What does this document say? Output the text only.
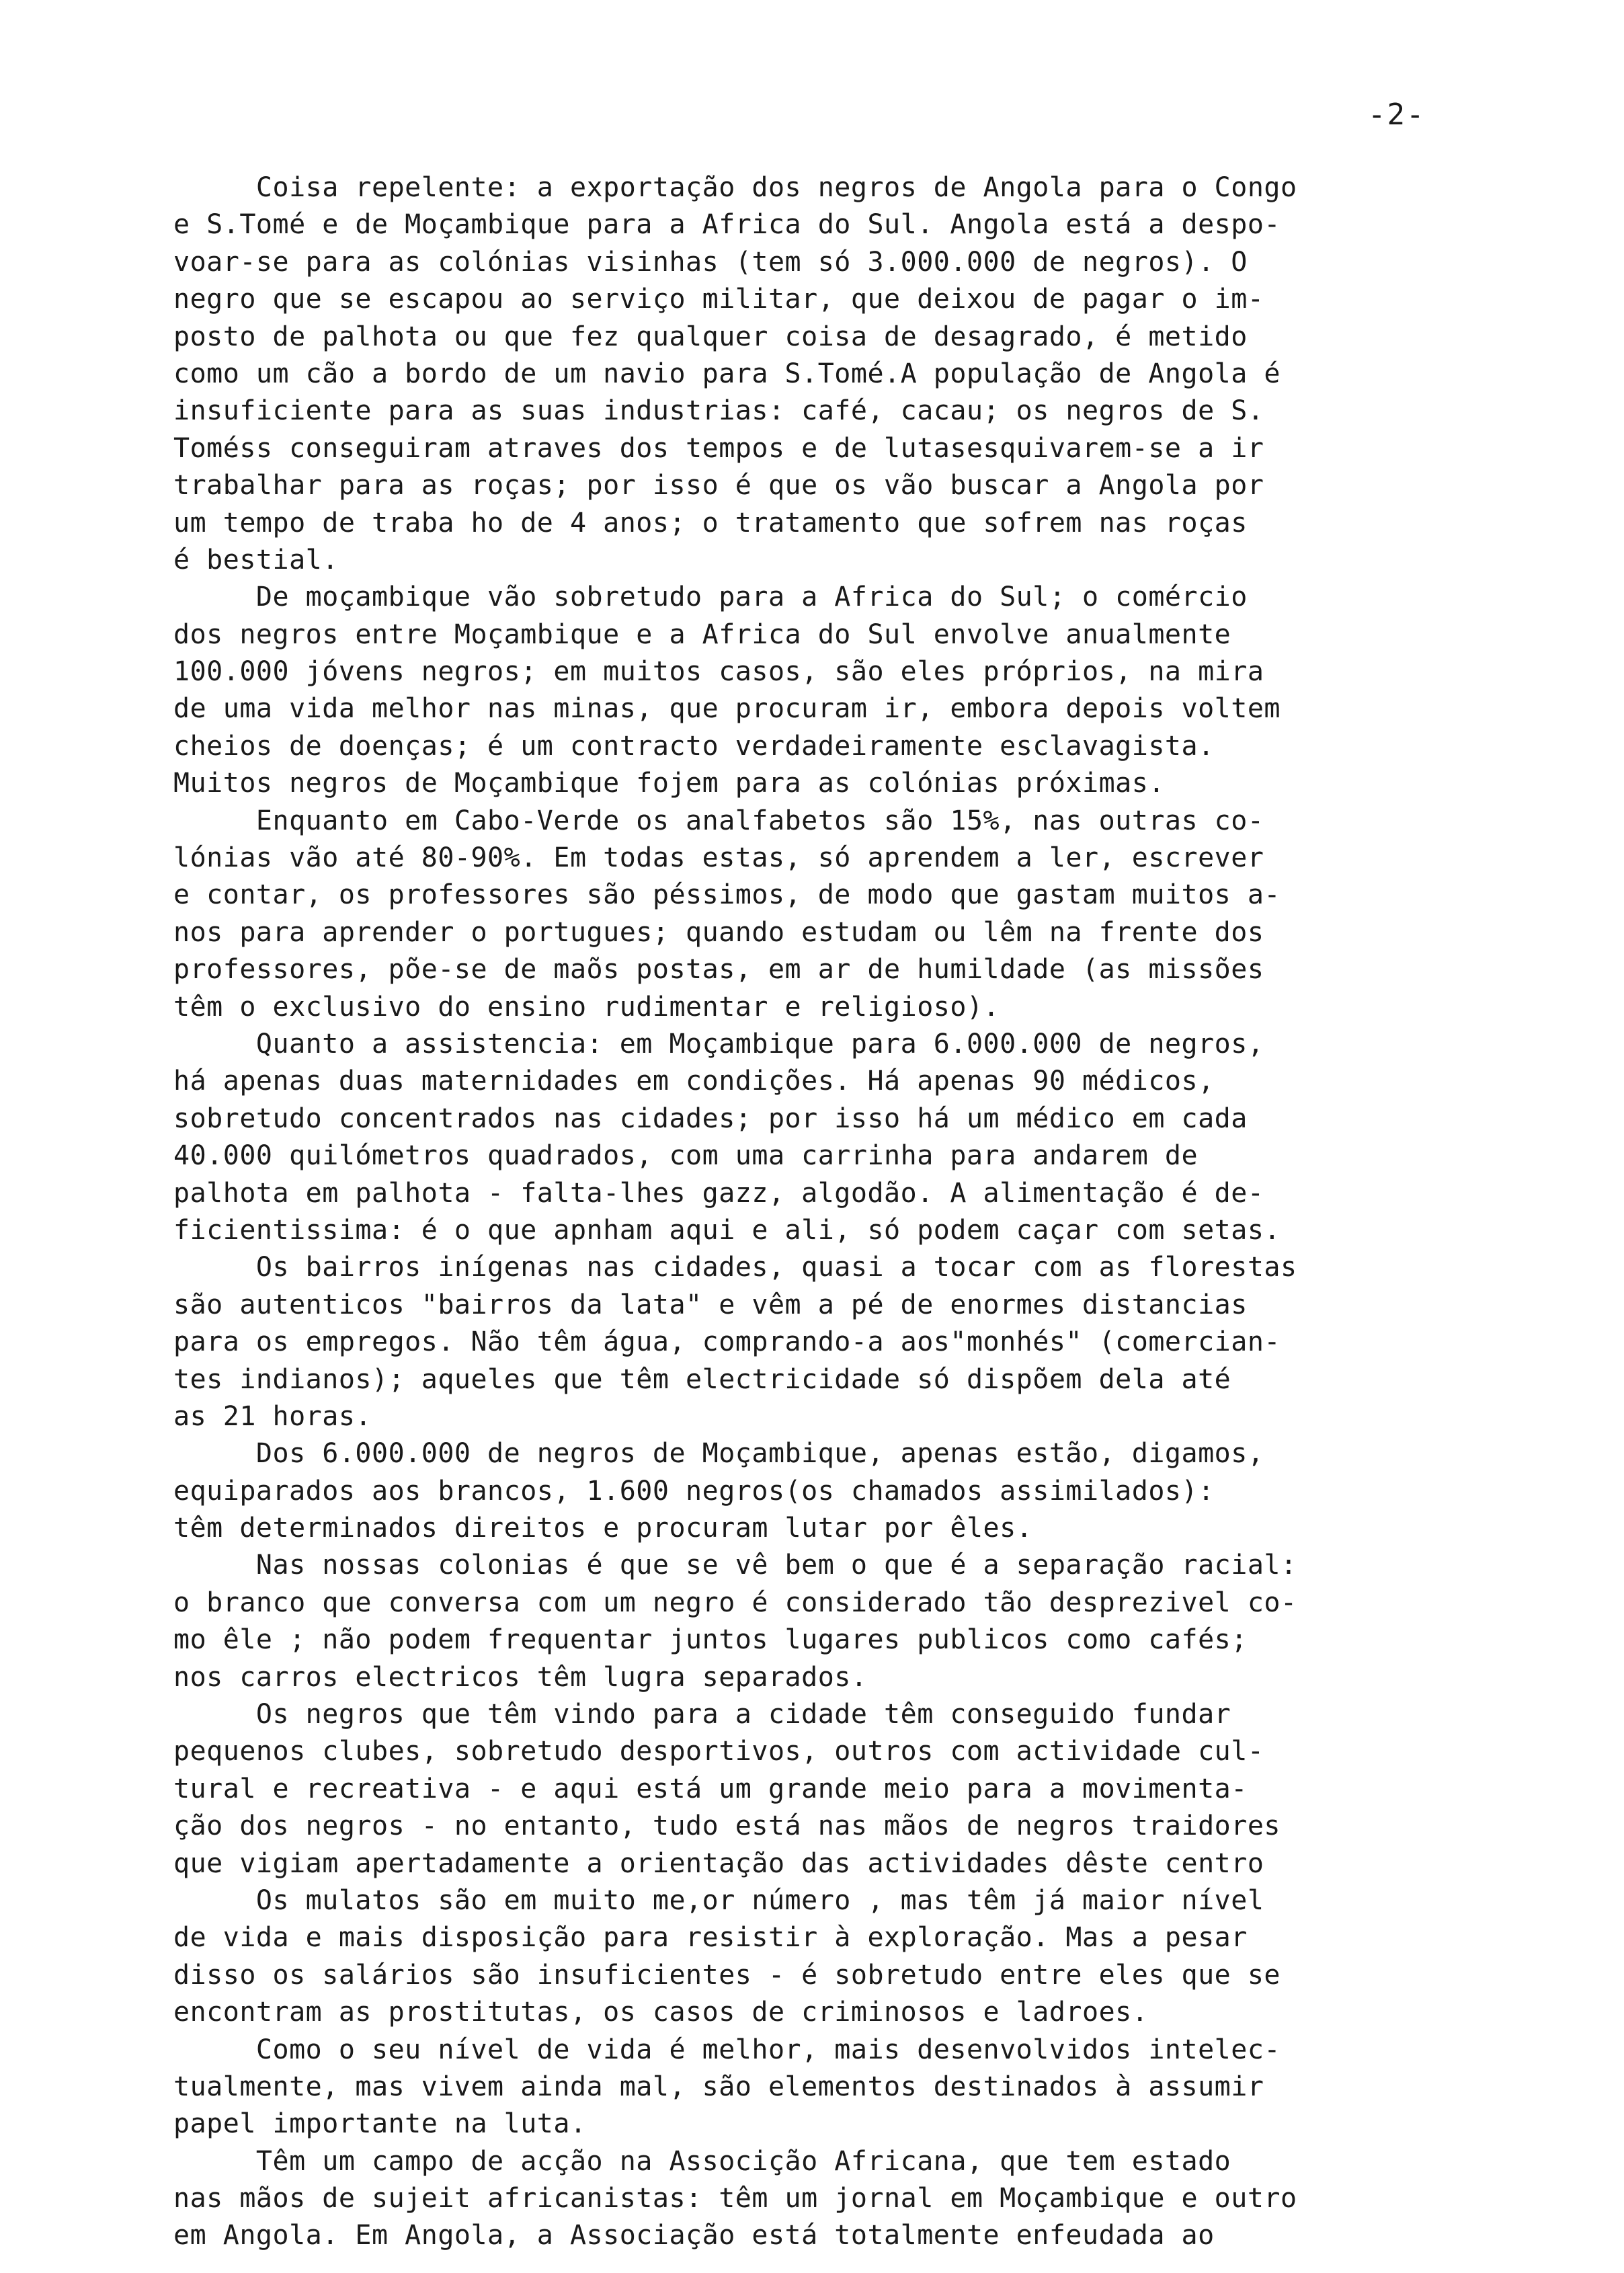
-2-
Coisa repelente: a exportação dos negros de Angola para o Congo
e S.Tomé e de Moçambique para a Africa do Sul. Angola está a despo-
voar-se para as colónias visinhas (tem só 3.000.000 de negros). O
negro que se escapou ao serviço militar, que deixou de pagar o im-
posto de palhota ou que fez qualquer coisa de desagrado, é metido
como um cão a bordo de um navio para S.Tomé.A população de Angola é
insuficiente para as suas industrias: café, cacau; os negros de S.
Toméss conseguiram atraves dos tempos e de lutasesquivarem-se a ir
trabalhar para as roças; por isso é que os vão buscar a Angola por
um tempo de traba ho de 4 anos; o tratamento que sofrem nas roças
é bestial.
De moçambique vão sobretudo para a Africa do Sul; o comércio
dos negros entre Moçambique e a Africa do Sul envolve anualmente
100.000 jóvens negros; em muitos casos, são eles próprios, na mira
de uma vida melhor nas minas, que procuram ir, embora depois voltem
cheios de doenças; é um contracto verdadeiramente esclavagista.
Muitos negros de Moçambique fojem para as colónias próximas.
Enquanto em Cabo-Verde os analfabetos são 15%, nas outras co-
lónias vão até 80-90%. Em todas estas, só aprendem a ler, escrever
e contar, os professores são péssimos, de modo que gastam muitos a-
nos para aprender o portugues; quando estudam ou lêm na frente dos
professores, põe-se de maõs postas, em ar de humildade (as missões
têm o exclusivo do ensino rudimentar e religioso).
Quanto a assistencia: em Moçambique para 6.000.000 de negros,
há apenas duas maternidades em condições. Há apenas 90 médicos,
sobretudo concentrados nas cidades; por isso há um médico em cada
40.000 quilómetros quadrados, com uma carrinha para andarem de
palhota em palhota - falta-lhes gazz, algodão. A alimentação é de-
ficientissima: é o que apnham aqui e ali, só podem caçar com setas.
Os bairros inígenas nas cidades, quasi a tocar com as florestas
são autenticos "bairros da lata" e vêm a pé de enormes distancias
para os empregos. Não têm água, comprando-a aos"monhés" (comercian-
tes indianos); aqueles que têm electricidade só dispõem dela até
as 21 horas.
Dos 6.000.000 de negros de Moçambique, apenas estão, digamos,
equiparados aos brancos, 1.600 negros(os chamados assimilados):
têm determinados direitos e procuram lutar por êles.
Nas nossas colonias é que se vê bem o que é a separação racial:
o branco que conversa com um negro é considerado tão desprezivel co-
mo êle ; não podem frequentar juntos lugares publicos como cafés;
nos carros electricos têm lugra separados.
Os negros que têm vindo para a cidade têm conseguido fundar
pequenos clubes, sobretudo desportivos, outros com actividade cul-
tural e recreativa - e aqui está um grande meio para a movimenta-
ção dos negros - no entanto, tudo está nas mãos de negros traidores
que vigiam apertadamente a orientação das actividades dêste centro
Os mulatos são em muito me,or número , mas têm já maior nível
de vida e mais disposição para resistir à exploração. Mas a pesar
disso os salários são insuficientes - é sobretudo entre eles que se
encontram as prostitutas, os casos de criminosos e ladroes.
Como o seu nível de vida é melhor, mais desenvolvidos intelec-
tualmente, mas vivem ainda mal, são elementos destinados à assumir
papel importante na luta.
Têm um campo de acção na Associção Africana, que tem estado
nas mãos de sujeit africanistas: têm um jornal em Moçambique e outro
em Angola. Em Angola, a Associação está totalmente enfeudada ao
